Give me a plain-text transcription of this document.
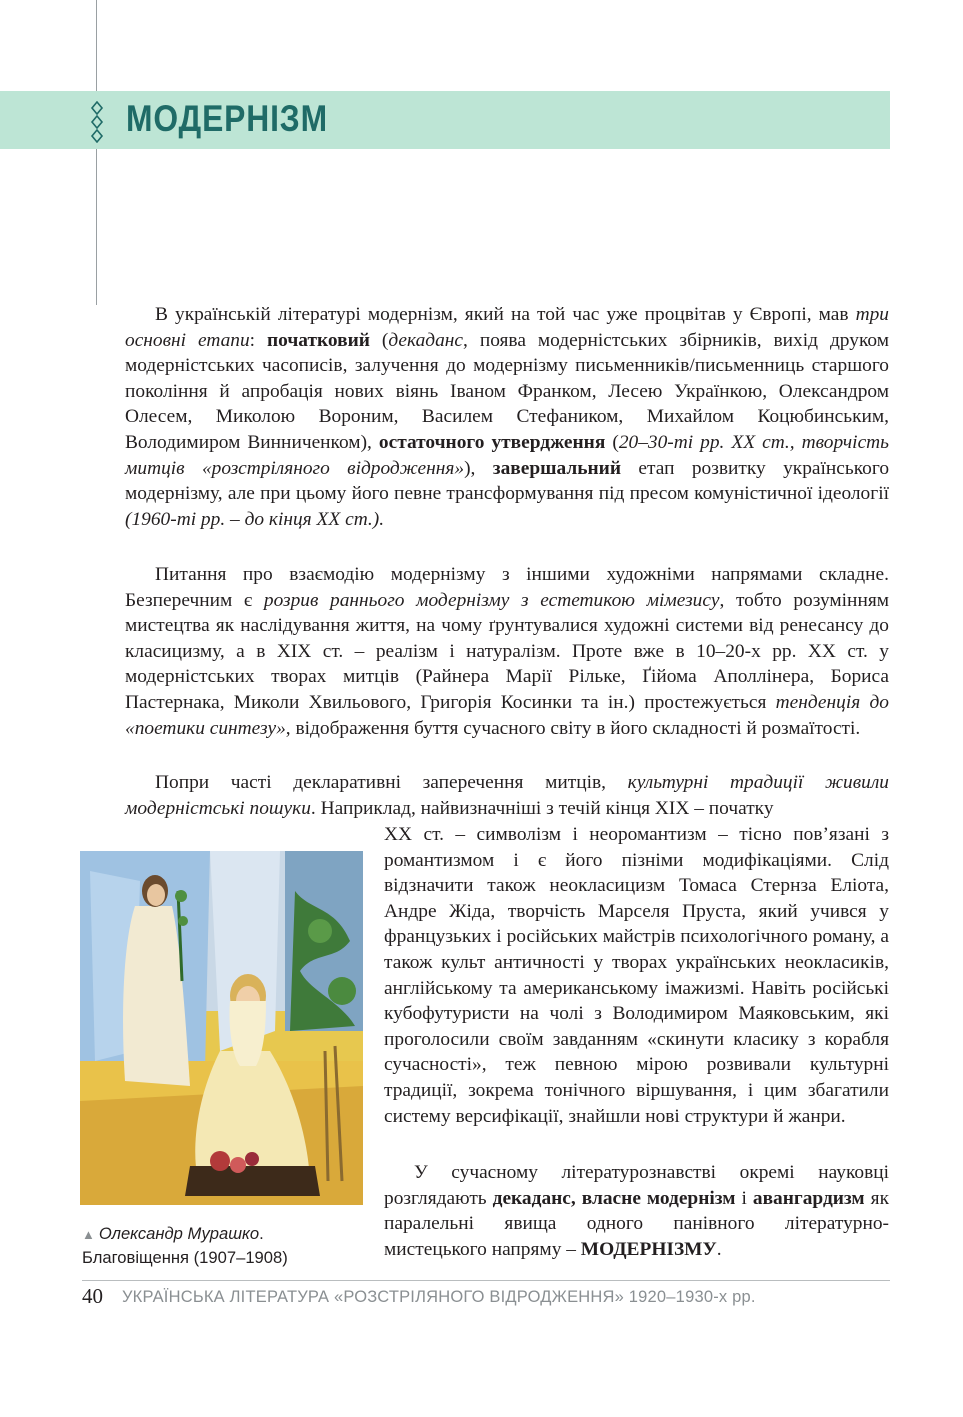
МОДЕРНІЗМ

В українській літературі модернізм, який на той час уже процвітав у Європі, мав три основні етапи: початковий (декаданс, поява модерністських збірників, вихід друком модерністських часописів, залучення до модернізму письменників/письменниць старшого покоління й апробація нових віянь Іваном Франком, Лесею Українкою, Олександром Олесем, Миколою Вороним, Василем Стефаником, Михайлом Коцюбинським, Володимиром Винниченком), остаточного утвердження (20–30-ті рр. XX ст., творчість митців «розстріляного відродження»), завершальний етап розвитку українського модернізму, але при цьому його певне трансформування під пресом комуністичної ідеології (1960-ті рр. – до кінця XX ст.).

Питання про взаємодію модернізму з іншими художніми напрямами складне. Безперечним є розрив раннього модернізму з естетикою мімезису, тобто розумінням мистецтва як наслідування життя, на чому ґрунтувалися художні системи від ренесансу до класицизму, а в XIX ст. – реалізм і натуралізм. Проте вже в 10–20-х рр. XX ст. у модерністських творах митців (Райнера Марії Рільке, Ґійома Аполлінера, Бориса Пастернака, Миколи Хвильового, Григорія Косинки та ін.) простежується тенденція до «поетики синтезу», відображення буття сучасного світу в його складності й розмаїтості.

Попри часті декларативні заперечення митців, культурні традиції живили модерністські пошуки. Наприклад, найвизначніші з течій кінця XIX – початку

XX ст. – символізм і неоромантизм – тісно пов’язані з романтизмом і є його пізніми модифікаціями. Слід відзначити також неокласицизм Томаса Стернза Еліота, Андре Жіда, творчість Марселя Пруста, який учився у французьких і російських майстрів психологічного роману, а також культ античності у творах українських неокласиків, англійському та американському імажизмі. Навіть російські кубофутуристи на чолі з Володимиром Маяковським, які проголосили своїм завданням «скинути класику з корабля сучасності», теж певною мірою розвивали культурні традиції, зокрема тонічного віршування, і цим збагатили систему версифікації, знайшли нові структури й жанри.

У сучасному літературознавстві окремі науковці розглядають декаданс, власне модернізм і авангардизм як паралельні явища одного панівного літературно-мистецького напряму – МОДЕРНІЗМУ.

▲ Олександр Мурашко.
Благовіщення (1907–1908)
40 УКРАЇНСЬКА ЛІТЕРАТУРА «РОЗСТРІЛЯНОГО ВІДРОДЖЕННЯ» 1920–1930-х рр.
